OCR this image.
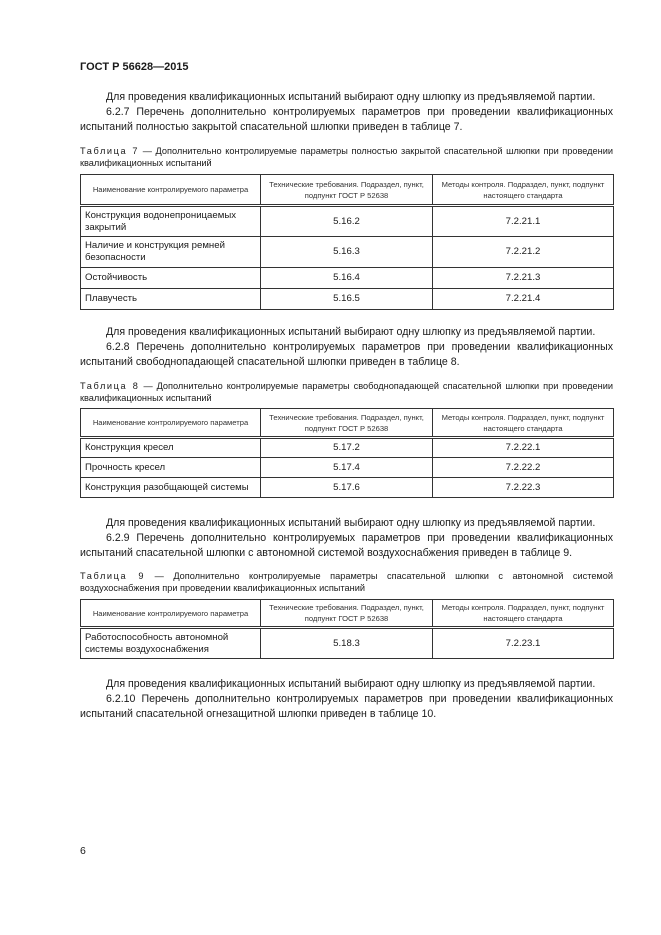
ГОСТ Р 56628—2015

Для проведения квалификационных испытаний выбирают одну шлюпку из предъявляемой партии.

6.2.7 Перечень дополнительно контролируемых параметров при проведении квалификационных испытаний полностью закрытой спасательной шлюпки приведен в таблице 7.

Таблица 7 — Дополнительно контролируемые параметры полностью закрытой спасательной шлюпки при проведении квалификационных испытаний

Наименование контролируемого параметра	Технические требования. Подраздел, пункт, подпункт ГОСТ Р 52638	Методы контроля. Подраздел, пункт, подпункт настоящего стандарта
Конструкция водонепроницаемых закрытий	5.16.2	7.2.21.1
Наличие и конструкция ремней безопасности	5.16.3	7.2.21.2
Остойчивость	5.16.4	7.2.21.3
Плавучесть	5.16.5	7.2.21.4

Для проведения квалификационных испытаний выбирают одну шлюпку из предъявляемой партии.

6.2.8 Перечень дополнительно контролируемых параметров при проведении квалификационных испытаний свободнопадающей спасательной шлюпки приведен в таблице 8.

Таблица 8 — Дополнительно контролируемые параметры свободнопадающей спасательной шлюпки при проведении квалификационных испытаний

Наименование контролируемого параметра	Технические требования. Подраздел, пункт, подпункт ГОСТ Р 52638	Методы контроля. Подраздел, пункт, подпункт настоящего стандарта
Конструкция кресел	5.17.2	7.2.22.1
Прочность кресел	5.17.4	7.2.22.2
Конструкция разобщающей системы	5.17.6	7.2.22.3

Для проведения квалификационных испытаний выбирают одну шлюпку из предъявляемой партии.

6.2.9 Перечень дополнительно контролируемых параметров при проведении квалификационных испытаний спасательной шлюпки с автономной системой воздухоснабжения приведен в таблице 9.

Таблица 9 — Дополнительно контролируемые параметры спасательной шлюпки с автономной системой воздухоснабжения при проведении квалификационных испытаний

Наименование контролируемого параметра	Технические требования. Подраздел, пункт, подпункт ГОСТ Р 52638	Методы контроля. Подраздел, пункт, подпункт настоящего стандарта
Работоспособность автономной системы воздухоснабжения	5.18.3	7.2.23.1

Для проведения квалификационных испытаний выбирают одну шлюпку из предъявляемой партии.

6.2.10 Перечень дополнительно контролируемых параметров при проведении квалификационных испытаний спасательной огнезащитной шлюпки приведен в таблице 10.

6
